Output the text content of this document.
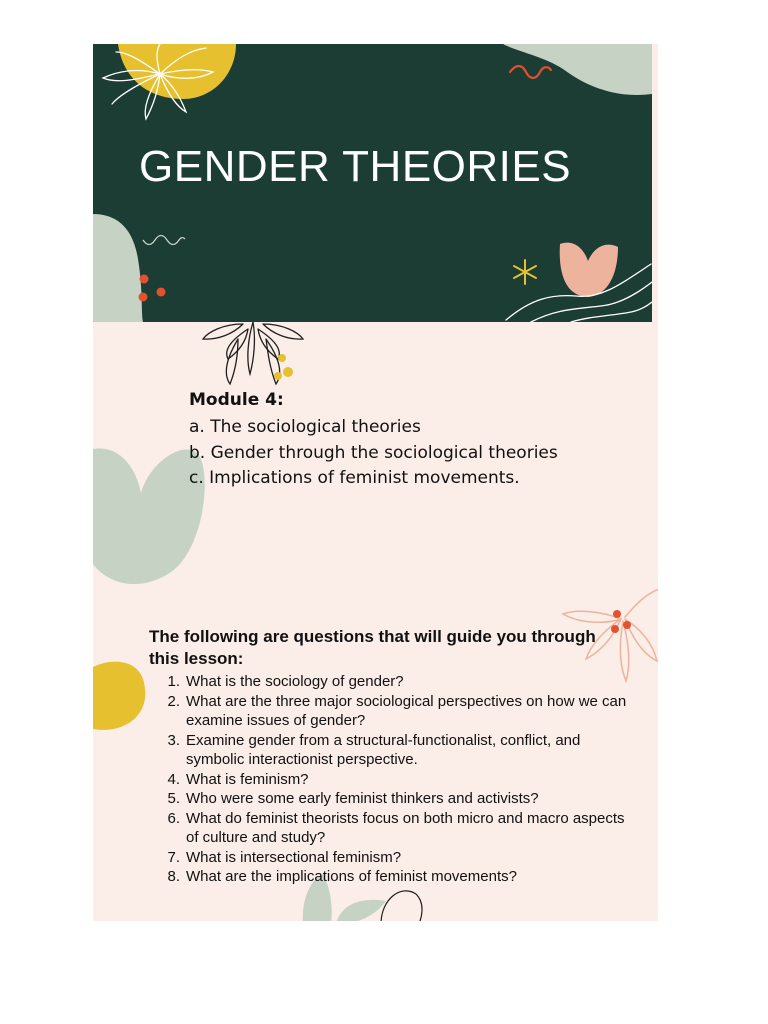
GENDER THEORIES

Module 4:

a. The sociological theories

b. Gender through the sociological theories

c. Implications of feminist movements.

The following are questions that will guide you through this lesson:

1. What is the sociology of gender?
2. What are the three major sociological perspectives on how we can examine issues of gender?
3. Examine gender from a structural-functionalist, conflict, and symbolic interactionist perspective.
4. What is feminism?
5. Who were some early feminist thinkers and activists?
6. What do feminist theorists focus on both micro and macro aspects of culture and study?
7. What is intersectional feminism?
8. What are the implications of feminist movements?
